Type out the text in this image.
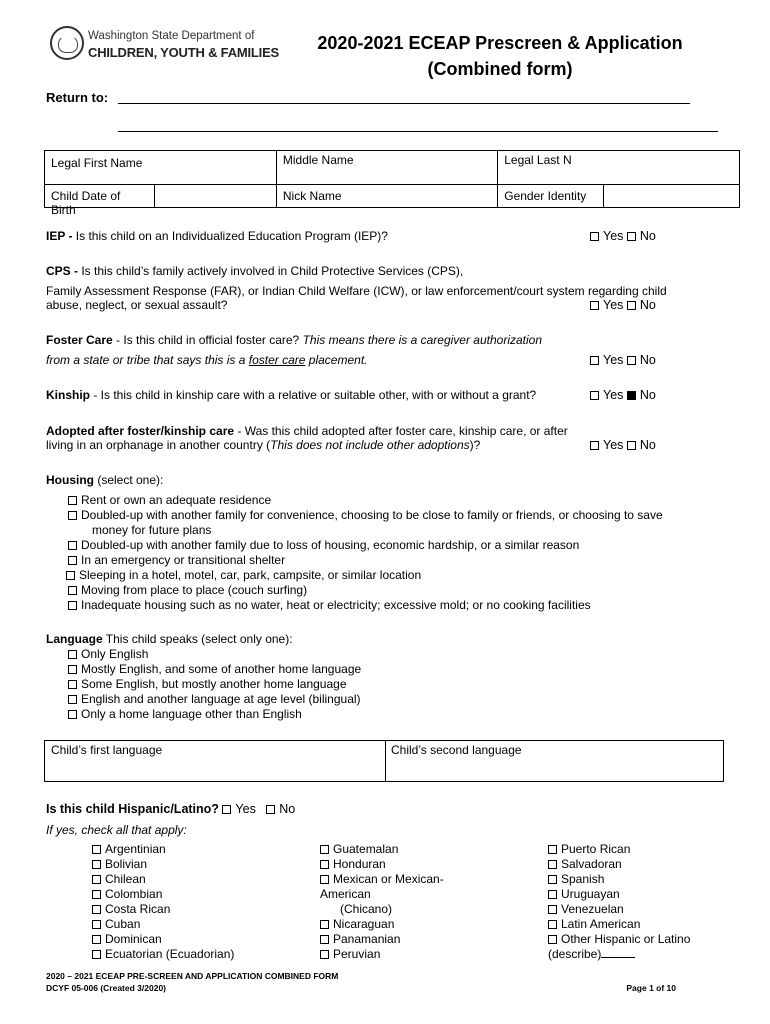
Washington State Department of
CHILDREN, YOUTH & FAMILIES	2020-2021 ECEAP Prescreen & Application
(Combined form)
Return to:
Legal First Name	Middle Name	Legal Last N

Child Date of Birth	Nick Name	Gender Identity
IEP - Is this child on an Individualized Education Program (IEP)?	Yes No
CPS - Is this child’s family actively involved in Child Protective Services (CPS),
Family Assessment Response (FAR), or Indian Child Welfare (ICW), or law enforcement/court system regarding child
abuse, neglect, or sexual assault?	Yes No
Foster Care - Is this child in official foster care? This means there is a caregiver authorization
from a state or tribe that says this is a foster care placement.	Yes No
Kinship - Is this child in kinship care with a relative or suitable other, with or without a grant?	Yes No
Adopted after foster/kinship care - Was this child adopted after foster care, kinship care, or after
living in an orphanage in another country (This does not include other adoptions)?	Yes No
Housing (select one):
Rent or own an adequate residence
Doubled-up with another family for convenience, choosing to be close to family or friends, or choosing to save
money for future plans
Doubled-up with another family due to loss of housing, economic hardship, or a similar reason
In an emergency or transitional shelter
Sleeping in a hotel, motel, car, park, campsite, or similar location
Moving from place to place (couch surfing)
Inadequate housing such as no water, heat or electricity; excessive mold; or no cooking facilities
Language This child speaks (select only one):
Only English
Mostly English, and some of another home language
Some English, but mostly another home language
English and another language at age level (bilingual)
Only a home language other than English
Child’s first language	Child’s second language
Is this child Hispanic/Latino? Yes No
If yes, check all that apply:
Argentinian
Bolivian
Chilean
Colombian
Costa Rican
Cuban
Dominican
Ecuatorian (Ecuadorian)
Guatemalan
Honduran
Mexican or Mexican-
American
(Chicano)
Nicaraguan
Panamanian
Peruvian
Puerto Rican
Salvadoran
Spanish
Uruguayan
Venezuelan
Latin American
Other Hispanic or Latino
(describe)
2020 – 2021 ECEAP PRE-SCREEN AND APPLICATION COMBINED FORM
DCYF 05-006 (Created 3/2020)	Page 1 of 10
